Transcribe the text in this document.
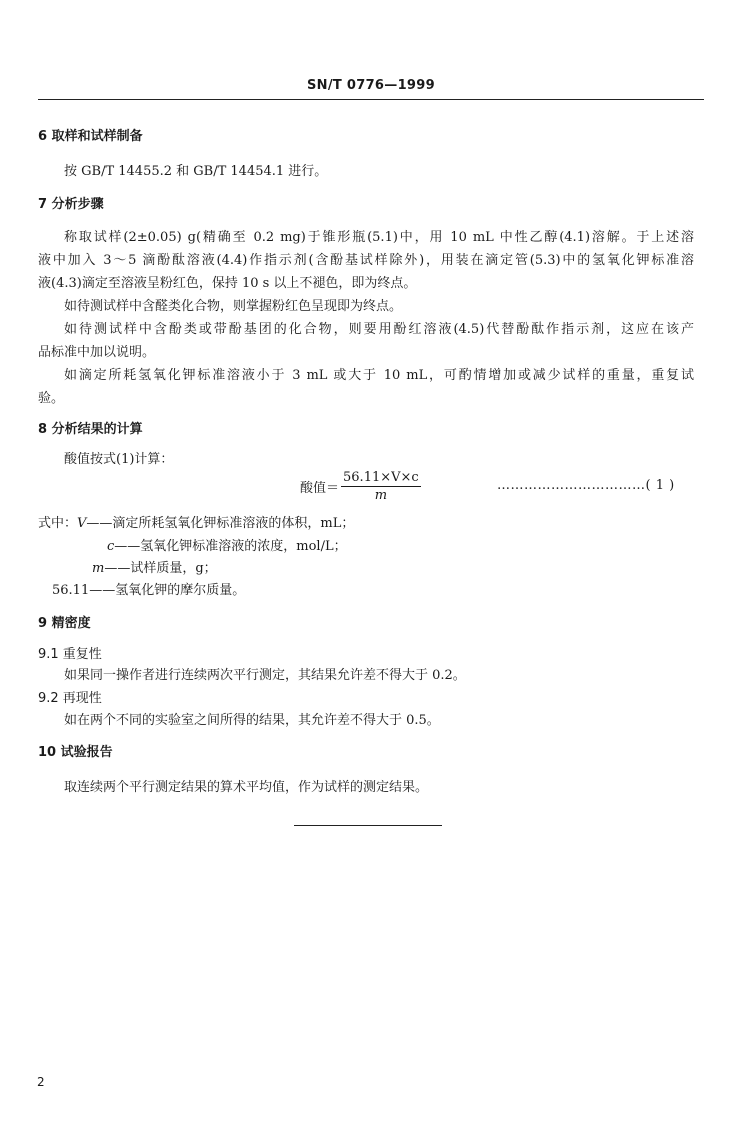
SN/T 0776—1999
6 取样和试样制备
按 GB/T 14455.2 和 GB/T 14454.1 进行。
7 分析步骤
称取试样(2±0.05) g(精确至 0.2 mg)于锥形瓶(5.1)中，用 10 mL 中性乙醇(4.1)溶解。于上述溶
液中加入 3～5 滴酚酞溶液(4.4)作指示剂(含酚基试样除外)，用装在滴定管(5.3)中的氢氧化钾标准溶
液(4.3)滴定至溶液呈粉红色，保持 10 s 以上不褪色，即为终点。
如待测试样中含醛类化合物，则掌握粉红色呈现即为终点。
如待测试样中含酚类或带酚基团的化合物，则要用酚红溶液(4.5)代替酚酞作指示剂，这应在该产
品标准中加以说明。
如滴定所耗氢氧化钾标准溶液小于 3 mL 或大于 10 mL，可酌情增加或减少试样的重量，重复试
验。
8 分析结果的计算
酸值按式(1)计算：
酸值＝ $\frac{56.11\times V\times c}{m}$	……………………………( 1 )
式中：V——滴定所耗氢氧化钾标准溶液的体积，mL；
c——氢氧化钾标准溶液的浓度，mol/L；
m——试样质量，g；
56.11——氢氧化钾的摩尔质量。
9 精密度
9.1 重复性
如果同一操作者进行连续两次平行测定，其结果允许差不得大于 0.2。
9.2 再现性
如在两个不同的实验室之间所得的结果，其允许差不得大于 0.5。
10 试验报告
取连续两个平行测定结果的算术平均值，作为试样的测定结果。
2
